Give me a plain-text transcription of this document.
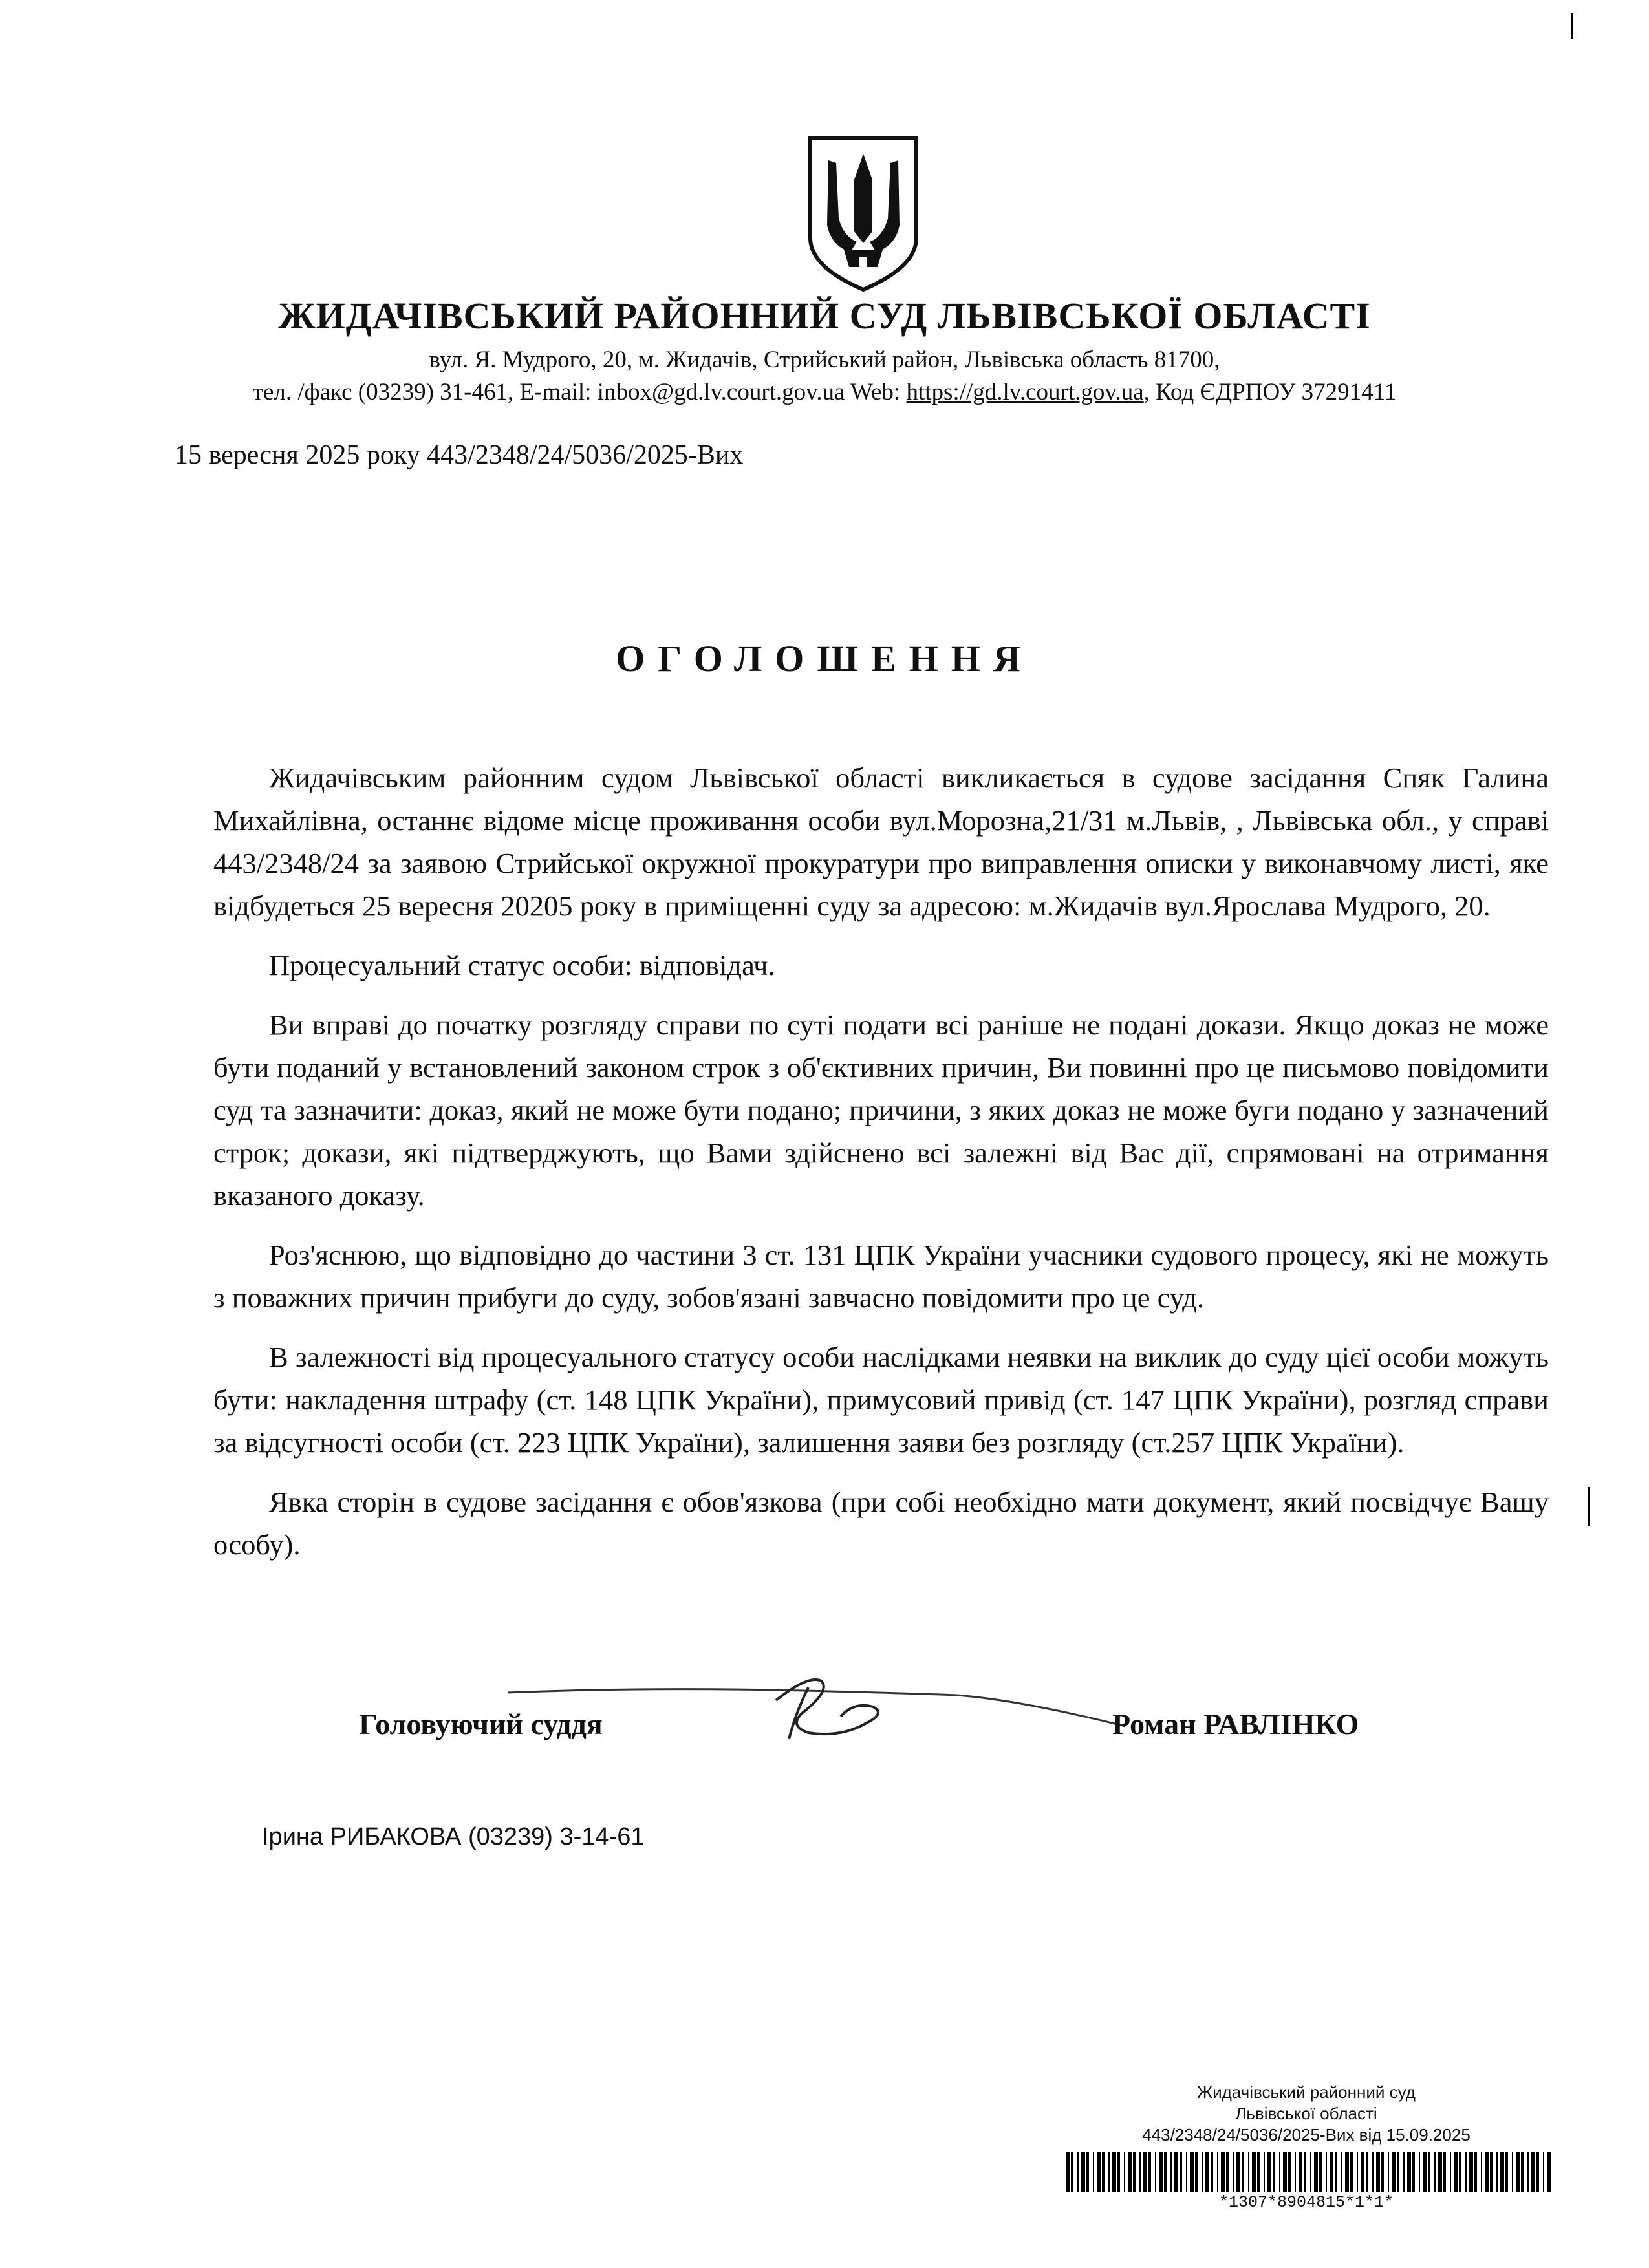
ЖИДАЧІВСЬКИЙ РАЙОННИЙ СУД ЛЬВІВСЬКОЇ ОБЛАСТІ
вул. Я. Мудрого, 20, м. Жидачів, Стрийський район, Львівська область 81700,
тел. /факс (03239) 31-461, E-mail: inbox@gd.lv.court.gov.ua Web: https://gd.lv.court.gov.ua, Код ЄДРПОУ 37291411
15 вересня 2025 року 443/2348/24/5036/2025-Вих
ОГОЛОШЕННЯ

Жидачівським районним судом Львівської області викликається в судове засідання Спяк Галина Михайлівна, останнє відоме місце проживання особи вул.Морозна,21/31 м.Львів, , Львівська обл., у справі 443/2348/24 за заявою Стрийської окружної прокуратури про виправлення описки у виконавчому листі, яке відбудеться 25 вересня 20205 року в приміщенні суду за адресою: м.Жидачів вул.Ярослава Мудрого, 20.

Процесуальний статус особи: відповідач.

Ви вправі до початку розгляду справи по суті подати всі раніше не подані докази. Якщо доказ не може бути поданий у встановлений законом строк з об'єктивних причин, Ви повинні про це письмово повідомити суд та зазначити: доказ, який не може бути подано; причини, з яких доказ не може буги подано у зазначений строк; докази, які підтверджують, що Вами здійснено всі залежні від Вас дії, спрямовані на отримання вказаного доказу.

Роз'яснюю, що відповідно до частини 3 ст. 131 ЦПК України учасники судового процесу, які не можуть з поважних причин прибуги до суду, зобов'язані завчасно повідомити про це суд.

В залежності від процесуального статусу особи наслідками неявки на виклик до суду цієї особи можуть бути: накладення штрафу (ст. 148 ЦПК України), примусовий привід (ст. 147 ЦПК України), розгляд справи за відсугності особи (ст. 223 ЦПК України), залишення заяви без розгляду (ст.257 ЦПК України).

Явка сторін в судове засідання є обов'язкова (при собі необхідно мати документ, який посвідчує Вашу особу).

Головуючий суддя	Роман РАВЛІНКО
Ірина РИБАКОВА (03239) 3-14-61
Жидачівський районний суд
Львівської області
443/2348/24/5036/2025-Вих від 15.09.2025
*1307*8904815*1*1*
